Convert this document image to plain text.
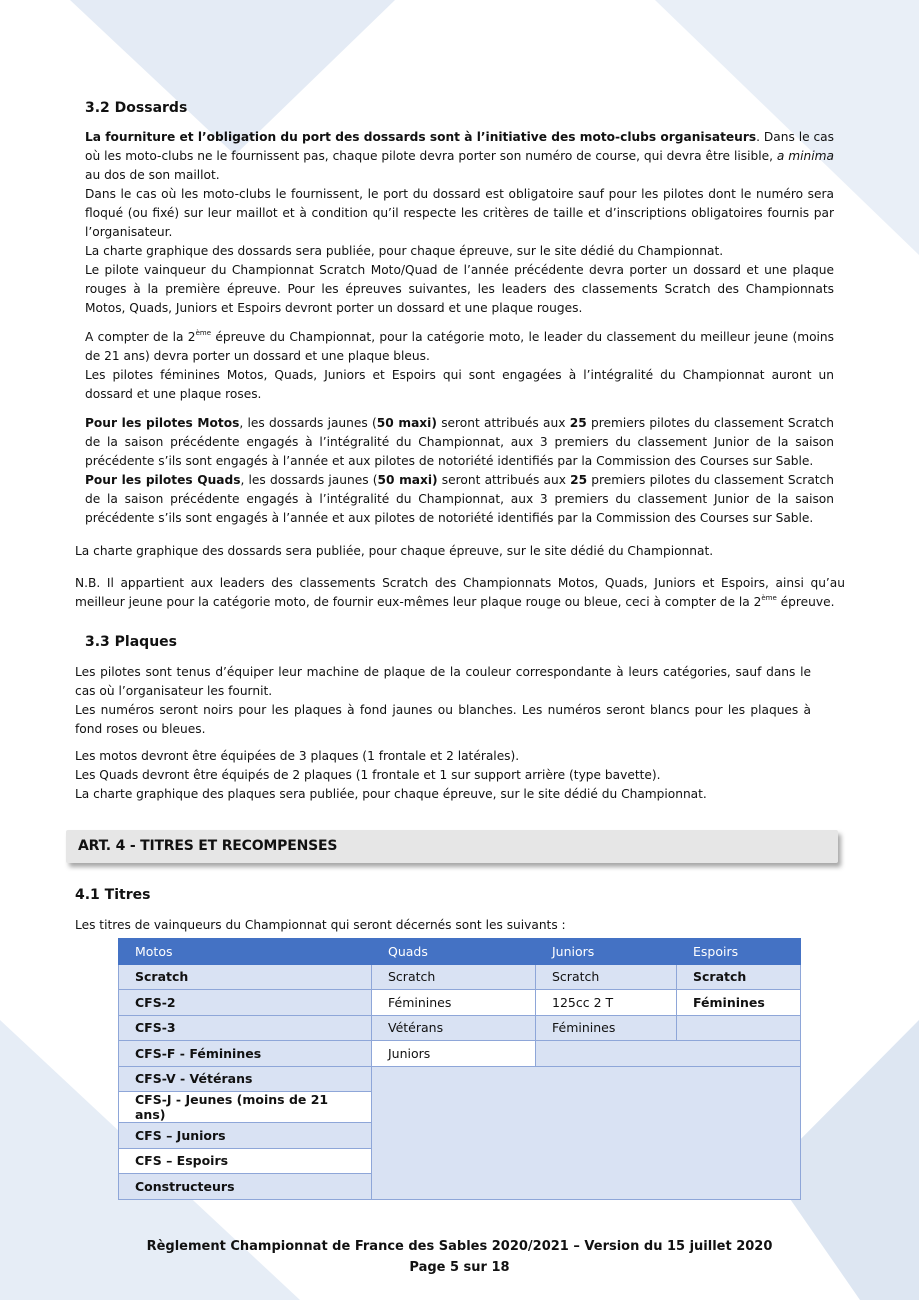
3.2 Dossards

La fourniture et l’obligation du port des dossards sont à l’initiative des moto-clubs organisateurs. Dans le cas où les moto-clubs ne le fournissent pas, chaque pilote devra porter son numéro de course, qui devra être lisible, a minima au dos de son maillot.

Dans le cas où les moto-clubs le fournissent, le port du dossard est obligatoire sauf pour les pilotes dont le numéro sera floqué (ou fixé) sur leur maillot et à condition qu’il respecte les critères de taille et d’inscriptions obligatoires fournis par l’organisateur.

La charte graphique des dossards sera publiée, pour chaque épreuve, sur le site dédié du Championnat.

Le pilote vainqueur du Championnat Scratch Moto/Quad de l’année précédente devra porter un dossard et une plaque rouges à la première épreuve. Pour les épreuves suivantes, les leaders des classements Scratch des Championnats Motos, Quads, Juniors et Espoirs devront porter un dossard et une plaque rouges.

A compter de la 2ème épreuve du Championnat, pour la catégorie moto, le leader du classement du meilleur jeune (moins de 21 ans) devra porter un dossard et une plaque bleus.

Les pilotes féminines Motos, Quads, Juniors et Espoirs qui sont engagées à l’intégralité du Championnat auront un dossard et une plaque roses.

Pour les pilotes Motos, les dossards jaunes (50 maxi) seront attribués aux 25 premiers pilotes du classement Scratch de la saison précédente engagés à l’intégralité du Championnat, aux 3 premiers du classement Junior de la saison précédente s’ils sont engagés à l’année et aux pilotes de notoriété identifiés par la Commission des Courses sur Sable.

Pour les pilotes Quads, les dossards jaunes (50 maxi) seront attribués aux 25 premiers pilotes du classement Scratch de la saison précédente engagés à l’intégralité du Championnat, aux 3 premiers du classement Junior de la saison précédente s’ils sont engagés à l’année et aux pilotes de notoriété identifiés par la Commission des Courses sur Sable.

La charte graphique des dossards sera publiée, pour chaque épreuve, sur le site dédié du Championnat.

N.B. Il appartient aux leaders des classements Scratch des Championnats Motos, Quads, Juniors et Espoirs, ainsi qu’au meilleur jeune pour la catégorie moto, de fournir eux-mêmes leur plaque rouge ou bleue, ceci à compter de la 2ème épreuve.

3.3 Plaques

Les pilotes sont tenus d’équiper leur machine de plaque de la couleur correspondante à leurs catégories, sauf dans le cas où l’organisateur les fournit.

Les numéros seront noirs pour les plaques à fond jaunes ou blanches. Les numéros seront blancs pour les plaques à fond roses ou bleues.

Les motos devront être équipées de 3 plaques (1 frontale et 2 latérales).

Les Quads devront être équipés de 2 plaques (1 frontale et 1 sur support arrière (type bavette).

La charte graphique des plaques sera publiée, pour chaque épreuve, sur le site dédié du Championnat.

ART. 4 - TITRES ET RECOMPENSES
4.1 Titres

Les titres de vainqueurs du Championnat qui seront décernés sont les suivants :

Motos	Quads	Juniors	Espoirs
Scratch	Scratch	Scratch	Scratch
CFS-2	Féminines	125cc 2 T	Féminines
CFS-3	Vétérans	Féminines	
CFS-F - Féminines	Juniors		
CFS-V - Vétérans			
CFS-J - Jeunes (moins de 21 ans)			
CFS – Juniors			
CFS – Espoirs			
Constructeurs			
Règlement Championnat de France des Sables 2020/2021 – Version du 15 juillet 2020
Page 5 sur 18
